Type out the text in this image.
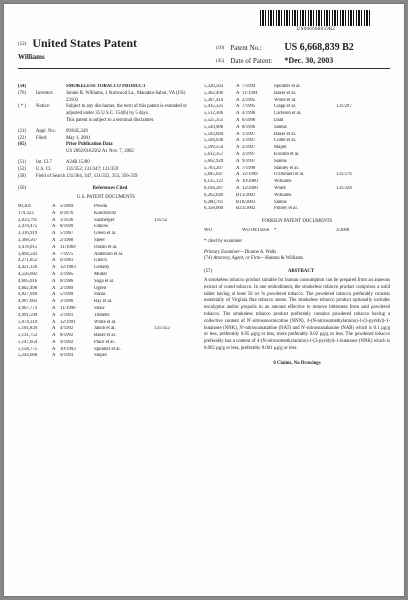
US006668839B2
(12) United States Patent
Williams
(10) Patent No.: US 6,668,839 B2
(45) Date of Patent: *Dec. 30, 2003
(54)	SMOKELESS TOBACCO PRODUCT
(76)	Inventor:	Jonnie R. Williams, 1 Starwood La., Manakin-Sabot, VA (US) 23103
( * )	Notice:	Subject to any disclaimer, the term of this patent is extended or adjusted under 35 U.S.C. 154(b) by 5 days.
This patent is subject to a terminal disclaimer.
(21)	Appl. No.:	09/845,249
(22)	Filed:	May 1, 2001
(65)	Prior Publication Data
US 2002/0162562 A1 Nov. 7, 2002
(51)	Int. Cl.7	A24B 15/00
(52)	U.S. Cl.	131/352; 131/347; 131/359
(58)	Field of Search 131/364, 347, 131/352, 353, 356-359
(56)	References Cited
U.S. PATENT DOCUMENTS
90,301	A 5/1869	Powda
179,323	A 6/1876	Knechtwitz
2,033,791	A 3/1936	Salzberger	131/52
2,478,475	A 8/1949	Falkow
3,316,919	A 5/1967	Green et al.
3,368,567	A 2/1968	Speer
3,478,015	A 11/1969	Onishi et al.
3,894,543	A 7/1975	Anderson et al.
4,271,852	A 6/1981	Gleich
4,421,126	A 12/1983	Gellatly
4,556,682	A 3/1985	Muller
4,605,016	A 8/1986	Soga et al.
4,802,498	A 2/1989	Ogren
4,827,949	A 5/1989	Sunas
4,907,605	A 3/1990	Ray et al.
4,967,773	A 11/1990	Shaw
4,991,599	A 2/1991	Tibbetts
5,074,319	A 12/1991	White et al.
5,101,839	A 4/1992	Jakob et al.	131/352
5,131,753	A 8/1992	Baker et al.
5,147,654	A 9/1992	Place et al.
5,158,775	A 10/1992	Spindler et al.
5,244,668	A 9/1993	Snipes
5,326,563	A 7/1994	Spindler et al.
5,362,496	A 11/1994	Baker et al.
5,387,416	A 2/1995	White et al.
5,435,325	A 7/1995	Clapp et al.	131/297
5,512,306	A 4/1996	Carlsson et al.
5,525,351	A 6/1996	Dam
5,549,906	A 8/1996	Santus
5,593,684	A 1/1997	Baker et al.
5,594,030	A 1/1997	Conte et al.
5,599,554	A 2/1997	Majeti
5,612,357	A 3/1997	Kromm et al.
5,662,920	A 9/1997	Santus
5,783,207	A 7/1998	Stanley et al.
5,845,647	A 12/1998	O'Donnell et al.	131/276
6,135,121	A 10/2000	Williams
6,164,287	A 12/2000	White	131/328
6,202,649	B1 3/2001	Williams
6,280,761	B1 8/2001	Santus
6,358,060	B2 3/2002	Pinney et al.
FOREIGN PATENT DOCUMENTS
WO	WO 00/15056 *	3/2000
* cited by examiner
Primary Examiner—Dionne A. Walls
(74) Attorney, Agent, or Firm—Hunton & Williams
(57)	ABSTRACT
A smokeless tobacco product suitable for human consumption can be prepared from an aqueous extract of cured tobacco. In one embodiment, the smokeless tobacco product comprises a solid tablet having at least 50 wt % powdered tobacco. The powdered tobacco preferably consists essentially of Virginia flue tobacco stems. The smokeless tobacco product optionally includes eucalyptus and/or propolis in an amount effective to remove bitterness from said powdered tobacco. The smokeless tobacco product preferably contains powdered tobacco having a collective content of N'-nitrosonornicotine (NNN), 4-(N-nitrosomethylamino)-1-(3-pyridyl)-1-butanone (NNK), N'-nitrosoanatabine (NAT) and N'-nitrosoanabasine (NAB) which is 0.1 µg/g or less, preferably 0.05 µg/g or less, more preferably 0.02 µg/g or less. The powdered tobacco preferably has a content of 4-(N-nitrosomethylamino)-1-(3-pyridyl)-1-butanone (NNK) which is 0.002 µg/g or less, preferably 0.001 µg/g or less.
6 Claims, No Drawings
